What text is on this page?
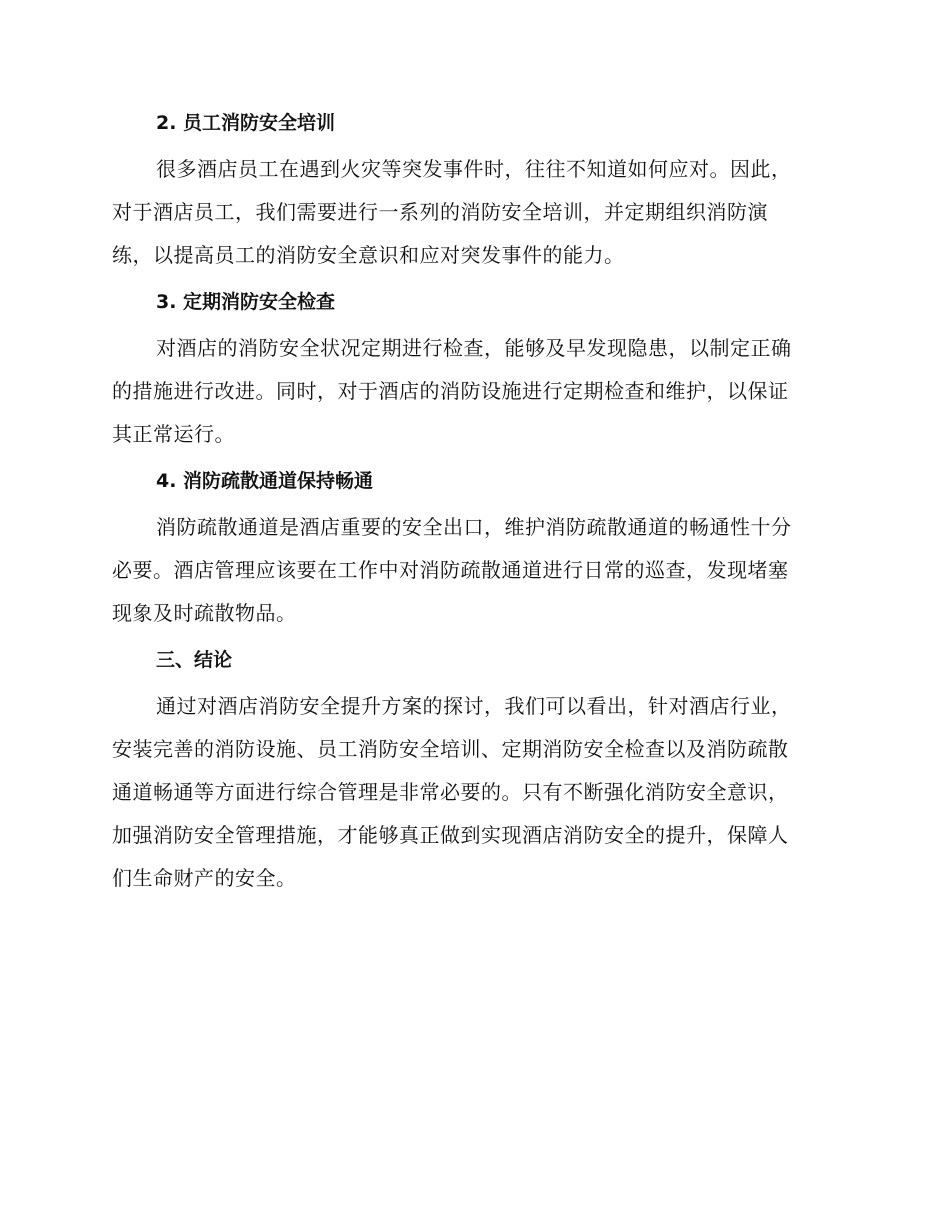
2. 员工消防安全培训

很多酒店员工在遇到火灾等突发事件时，往往不知道如何应对。因此，
对于酒店员工，我们需要进行一系列的消防安全培训，并定期组织消防演
练，以提高员工的消防安全意识和应对突发事件的能力。

3. 定期消防安全检查

对酒店的消防安全状况定期进行检查，能够及早发现隐患，以制定正确
的措施进行改进。同时，对于酒店的消防设施进行定期检查和维护，以保证
其正常运行。

4. 消防疏散通道保持畅通

消防疏散通道是酒店重要的安全出口，维护消防疏散通道的畅通性十分
必要。酒店管理应该要在工作中对消防疏散通道进行日常的巡查，发现堵塞
现象及时疏散物品。

三、结论

通过对酒店消防安全提升方案的探讨，我们可以看出，针对酒店行业，
安装完善的消防设施、员工消防安全培训、定期消防安全检查以及消防疏散
通道畅通等方面进行综合管理是非常必要的。只有不断强化消防安全意识，
加强消防安全管理措施，才能够真正做到实现酒店消防安全的提升，保障人
们生命财产的安全。
